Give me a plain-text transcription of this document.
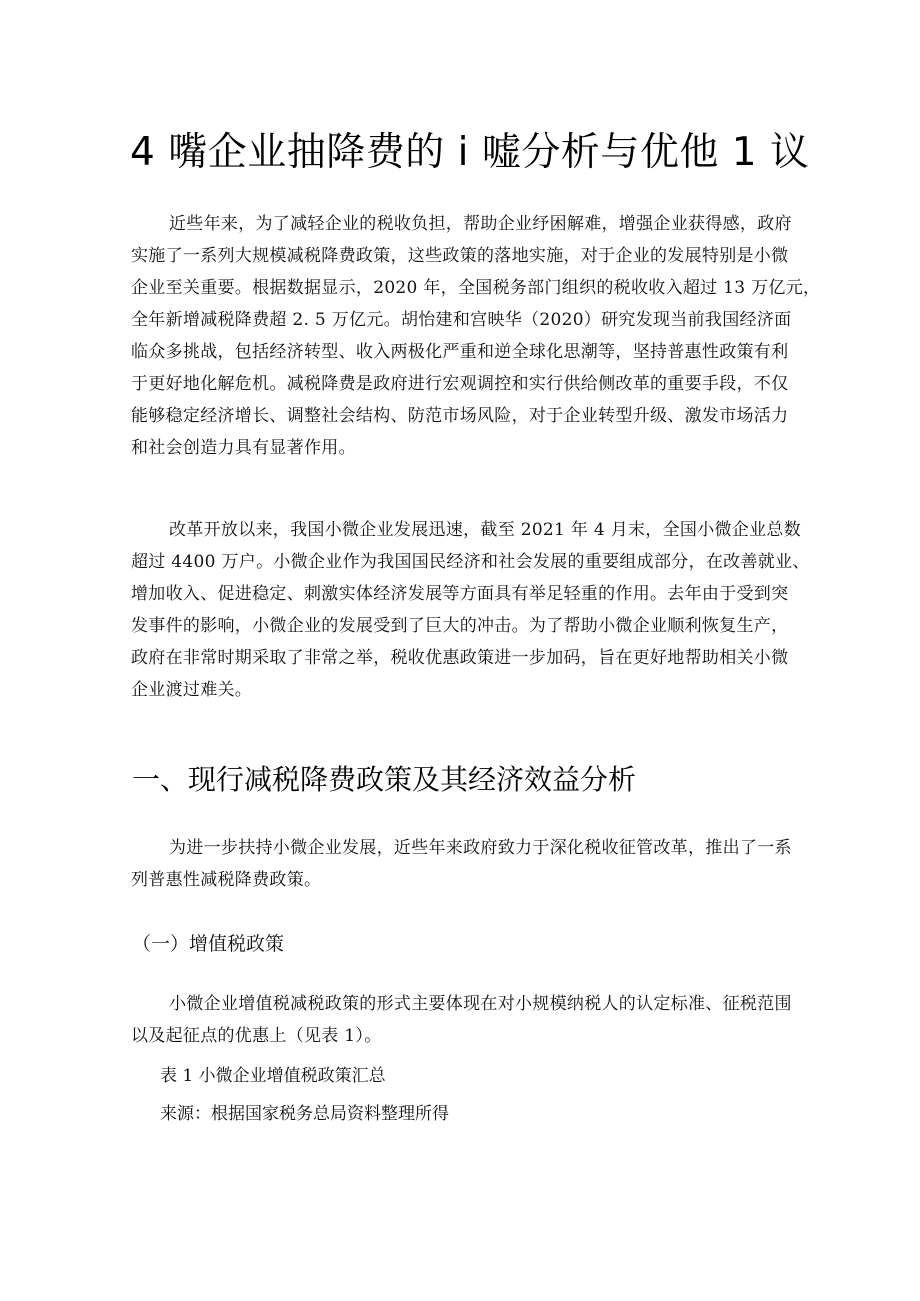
4 嘴企业抽降费的 i 嘘分析与优他 1 议
近些年来，为了减轻企业的税收负担，帮助企业纾困解难，增强企业获得感，政府
实施了一系列大规模减税降费政策，这些政策的落地实施，对于企业的发展特别是小微
企业至关重要。根据数据显示，2020 年，全国税务部门组织的税收收入超过 13 万亿元，
全年新增减税降费超 2. 5 万亿元。胡怡建和宫映华（2020）研究发现当前我国经济面
临众多挑战，包括经济转型、收入两极化严重和逆全球化思潮等，坚持普惠性政策有利
于更好地化解危机。减税降费是政府进行宏观调控和实行供给侧改革的重要手段，不仅
能够稳定经济增长、调整社会结构、防范市场风险，对于企业转型升级、激发市场活力
和社会创造力具有显著作用。
改革开放以来，我国小微企业发展迅速，截至 2021 年 4 月末，全国小微企业总数
超过 4400 万户。小微企业作为我国国民经济和社会发展的重要组成部分，在改善就业、
增加收入、促进稳定、刺激实体经济发展等方面具有举足轻重的作用。去年由于受到突
发事件的影响，小微企业的发展受到了巨大的冲击。为了帮助小微企业顺利恢复生产，
政府在非常时期采取了非常之举，税收优惠政策进一步加码，旨在更好地帮助相关小微
企业渡过难关。
一、现行减税降费政策及其经济效益分析
为进一步扶持小微企业发展，近些年来政府致力于深化税收征管改革，推出了一系
列普惠性减税降费政策。
（一）增值税政策
小微企业增值税减税政策的形式主要体现在对小规模纳税人的认定标准、征税范围
以及起征点的优惠上（见表 1）。
表 1 小微企业增值税政策汇总
来源：根据国家税务总局资料整理所得
